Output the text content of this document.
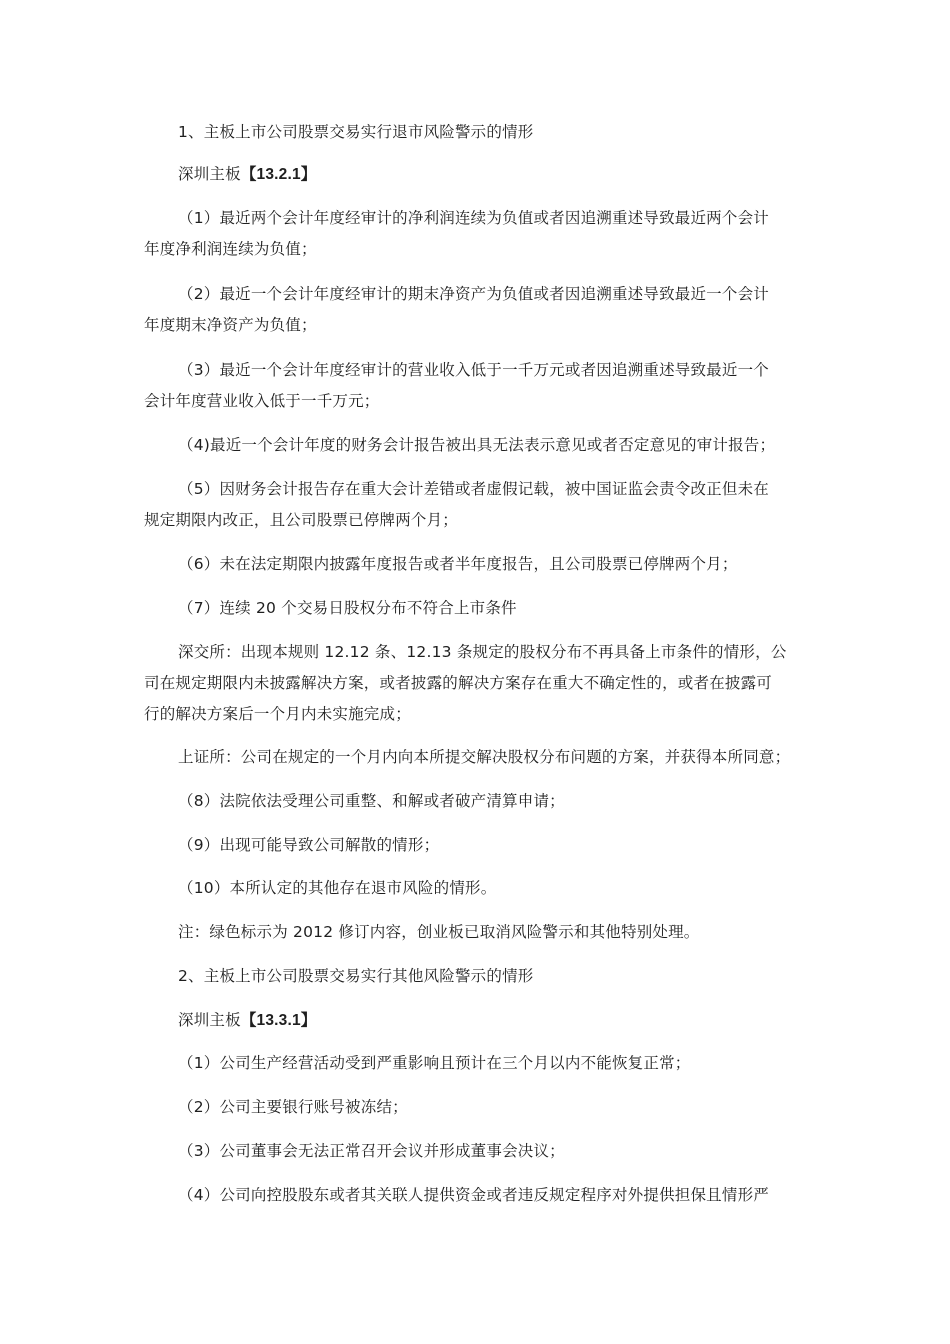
1、主板上市公司股票交易实行退市风险警示的情形
深圳主板【13.2.1】
（1）最近两个会计年度经审计的净利润连续为负值或者因追溯重述导致最近两个会计
年度净利润连续为负值；
（2）最近一个会计年度经审计的期末净资产为负值或者因追溯重述导致最近一个会计
年度期末净资产为负值；
（3）最近一个会计年度经审计的营业收入低于一千万元或者因追溯重述导致最近一个
会计年度营业收入低于一千万元；
（4)最近一个会计年度的财务会计报告被出具无法表示意见或者否定意见的审计报告；
（5）因财务会计报告存在重大会计差错或者虚假记载，被中国证监会责令改正但未在
规定期限内改正，且公司股票已停牌两个月；
（6）未在法定期限内披露年度报告或者半年度报告，且公司股票已停牌两个月；
（7）连续 20 个交易日股权分布不符合上市条件
深交所：出现本规则 12.12 条、12.13 条规定的股权分布不再具备上市条件的情形，公
司在规定期限内未披露解决方案，或者披露的解决方案存在重大不确定性的，或者在披露可
行的解决方案后一个月内未实施完成；
上证所：公司在规定的一个月内向本所提交解决股权分布问题的方案，并获得本所同意；
（8）法院依法受理公司重整、和解或者破产清算申请；
（9）出现可能导致公司解散的情形；
（10）本所认定的其他存在退市风险的情形。
注：绿色标示为 2012 修订内容，创业板已取消风险警示和其他特别处理。
2、主板上市公司股票交易实行其他风险警示的情形
深圳主板【13.3.1】
（1）公司生产经营活动受到严重影响且预计在三个月以内不能恢复正常；
（2）公司主要银行账号被冻结；
（3）公司董事会无法正常召开会议并形成董事会决议；
（4）公司向控股股东或者其关联人提供资金或者违反规定程序对外提供担保且情形严
